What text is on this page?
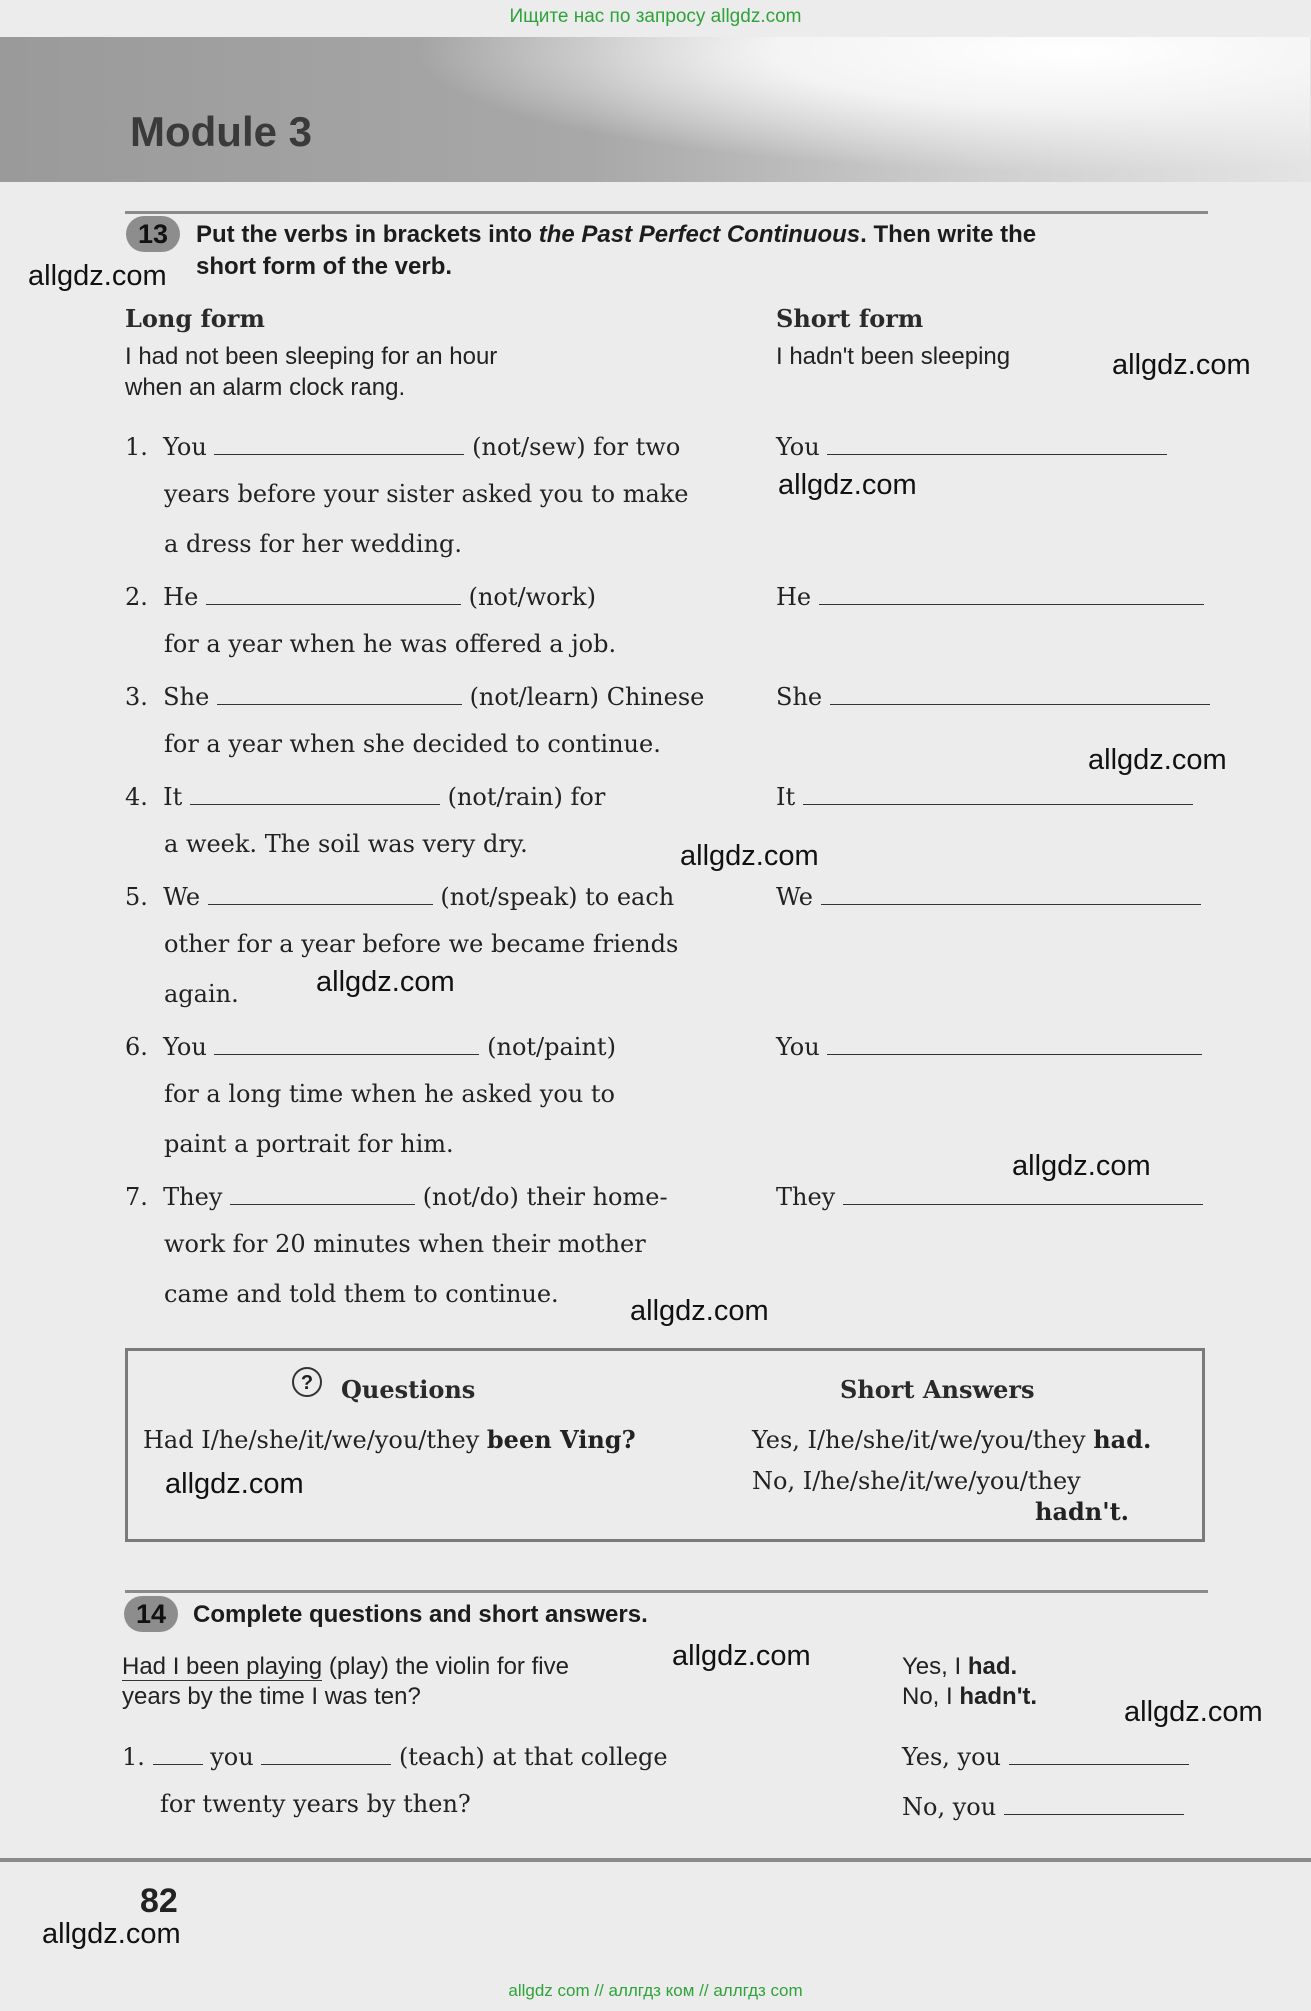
Ищите нас по запросу allgdz.com
Module 3
13	Put the verbs in brackets into the Past Perfect Continuous. Then write the
short form of the verb.
allgdz.com
Long form	Short form
I had not been sleeping for an hour
when an alarm clock rang.
I hadn't been sleeping	allgdz.com
1. You	(not/sew) for two
years before your sister asked you to make
a dress for her wedding.
You
allgdz.com
2. He	(not/work)
for a year when he was offered a job.
He
3. She	(not/learn) Chinese
for a year when she decided to continue.
She
allgdz.com
4. It	(not/rain) for
a week. The soil was very dry.
It
allgdz.com
5. We	(not/speak) to each
other for a year before we became friends
again.
We
allgdz.com
6. You	(not/paint)
for a long time when he asked you to
paint a portrait for him.
You
allgdz.com
7. They	(not/do) their home-
work for 20 minutes when their mother
came and told them to continue.
They
allgdz.com
?	Questions	Short Answers
Had I/he/she/it/we/you/they been Ving?	Yes, I/he/she/it/we/you/they had.
No, I/he/she/it/we/you/they
hadn't.
allgdz.com
14	Complete questions and short answers.
Had I been playing (play) the violin for five
years by the time I was ten?
allgdz.com	Yes, I had.
No, I hadn't.	allgdz.com
1.	you	(teach) at that college
for twenty years by then?
Yes, you
No, you
82
allgdz.com
allgdz com // аллгдз ком // аллгдз com
